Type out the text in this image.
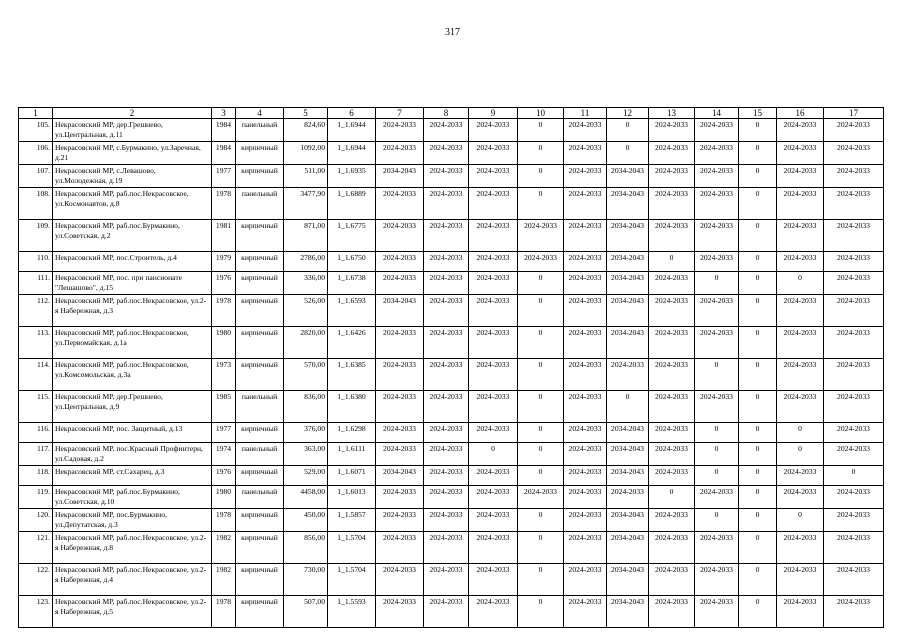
317
1	2	3	4	5	6	7	8	9	10	11	12	13	14	15	16	17
105.	Некрасовский МР, дер.Грешнево, ул.Центральная, д.11	1984	панельный	824,60	1_1.6944	2024-2033	2024-2033	2024-2033	0	2024-2033	0	2024-2033	2024-2033	0	2024-2033	2024-2033
106.	Некрасовский МР, с.Бурмакино, ул.Заречная, д.21	1984	кирпичный	1092,00	1_1.6944	2024-2033	2024-2033	2024-2033	0	2024-2033	0	2024-2033	2024-2033	0	2024-2033	2024-2033
107.	Некрасовский МР, с.Левашово, ул.Молодежная, д.19	1977	кирпичный	511,00	1_1.6935	2034-2043	2024-2033	2024-2033	0	2024-2033	2034-2043	2024-2033	2024-2033	0	2024-2033	2024-2033
108.	Некрасовский МР, раб.пос.Некрасовское, ул.Космонавтов, д.8	1978	панельный	3477,90	1_1.6889	2024-2033	2024-2033	2024-2033	0	2024-2033	2034-2043	2024-2033	2024-2033	0	2024-2033	2024-2033
109.	Некрасовский МР, раб.пос.Бурмакино, ул.Советская, д.2	1981	кирпичный	871,00	1_1.6775	2024-2033	2024-2033	2024-2033	2024-2033	2024-2033	2034-2043	2024-2033	2024-2033	0	2024-2033	2024-2033
110.	Некрасовский МР, пос.Строитель, д.4	1979	кирпичный	2786,00	1_1.6750	2024-2033	2024-2033	2024-2033	2024-2033	2024-2033	2034-2043	0	2024-2033	0	2024-2033	2024-2033
111.	Некрасовский МР, пос. при пансионате "Лешашово", д.15	1976	кирпичный	336,00	1_1.6738	2024-2033	2024-2033	2024-2033	0	2024-2033	2034-2043	2024-2033	0	0	0	2024-2033
112.	Некрасовский МР, раб.пос.Некрасовское, ул.2-я Набережная, д.3	1978	кирпичный	526,00	1_1.6593	2034-2043	2024-2033	2024-2033	0	2024-2033	2034-2043	2024-2033	2024-2033	0	2024-2033	2024-2033
113.	Некрасовский МР, раб.пос.Некрасовское, ул.Первомайская, д.1а	1980	кирпичный	2820,00	1_1.6426	2024-2033	2024-2033	2024-2033	0	2024-2033	2034-2043	2024-2033	2024-2033	0	2024-2033	2024-2033
114.	Некрасовский МР, раб.пос.Некрасовское, ул.Комсомольская, д.3а	1973	кирпичный	570,00	1_1.6385	2024-2033	2024-2033	2024-2033	0	2024-2033	2024-2033	2024-2033	0	0	2024-2033	2024-2033
115.	Некрасовский МР, дер.Грешнево, ул.Центральная, д.9	1985	панельный	836,00	1_1.6380	2024-2033	2024-2033	2024-2033	0	2024-2033	0	2024-2033	2024-2033	0	2024-2033	2024-2033
116.	Некрасовский МР, пос. Защитный, д.13	1977	кирпичный	376,00	1_1.6298	2024-2033	2024-2033	2024-2033	0	2024-2033	2034-2043	2024-2033	0	0	0	2024-2033
117.	Некрасовский МР, пос.Красный Профинтерн, ул.Садовая, д.2	1974	панельный	363,00	1_1.6111	2024-2033	2024-2033	0	0	2024-2033	2034-2043	2024-2033	0	0	0	2024-2033
118.	Некрасовский МР, ст.Сахарец, д.3	1976	кирпичный	529,00	1_1.6071	2034-2043	2024-2033	2024-2033	0	2024-2033	2034-2043	2024-2033	0	0	2024-2033	0
119.	Некрасовский МР, раб.пос.Бурмакино, ул.Советская, д.10	1980	панельный	4458,00	1_1.6013	2024-2033	2024-2033	2024-2033	2024-2033	2024-2033	2024-2033	0	2024-2033	0	2024-2033	2024-2033
120.	Некрасовский МР, пос.Бурмакино, ул.Депутатская, д.3	1978	кирпичный	450,00	1_1.5857	2024-2033	2024-2033	2024-2033	0	2024-2033	2034-2043	2024-2033	0	0	0	2024-2033
121.	Некрасовский МР, раб.пос.Некрасовское, ул.2-я Набережная, д.8	1982	кирпичный	856,00	1_1.5704	2024-2033	2024-2033	2024-2033	0	2024-2033	2034-2043	2024-2033	2024-2033	0	2024-2033	2024-2033
122.	Некрасовский МР, раб.пос.Некрасовское, ул.2-я Набережная, д.4	1982	кирпичный	730,00	1_1.5704	2024-2033	2024-2033	2024-2033	0	2024-2033	2034-2043	2024-2033	2024-2033	0	2024-2033	2024-2033
123.	Некрасовский МР, раб.пос.Некрасовское, ул.2-я Набережная, д.5	1978	кирпичный	507,00	1_1.5593	2024-2033	2024-2033	2024-2033	0	2024-2033	2034-2043	2024-2033	2024-2033	0	2024-2033	2024-2033
